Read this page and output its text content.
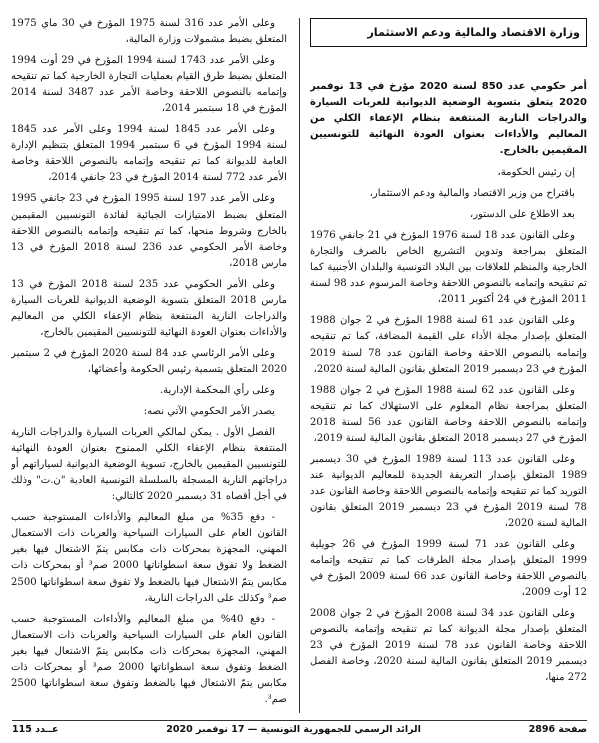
وزارة الاقتصاد والمالية ودعم الاستثمار

أمر حكومي عدد 850 لسنة 2020 مؤرخ في 13 نوفمبر 2020 يتعلق بتسوية الوضعية الديوانية للعربات السيارة والدراجات النارية المنتفعة بنظام الإعفاء الكلي من المعاليم والأداءات بعنوان العودة النهائية للتونسيين المقيمين بالخارج.

إن رئيس الحكومة،

باقتراح من وزير الاقتصاد والمالية ودعم الاستثمار،

بعد الاطلاع على الدستور،

وعلى القانون عدد 18 لسنة 1976 المؤرخ في 21 جانفي 1976 المتعلق بمراجعة وتدوين التشريع الخاص بالصرف والتجارة الخارجية والمنظم للعلاقات بين البلاد التونسية والبلدان الأجنبية كما تم تنقيحه وإتمامه بالنصوص اللاحقة وخاصة المرسوم عدد 98 لسنة 2011 المؤرخ في 24 أكتوبر 2011،

وعلى القانون عدد 61 لسنة 1988 المؤرخ في 2 جوان 1988 المتعلق بإصدار مجلة الأداء على القيمة المضافة، كما تم تنقيحه وإتمامه بالنصوص اللاحقة وخاصة القانون عدد 78 لسنة 2019 المؤرخ في 23 ديسمبر 2019 المتعلق بقانون المالية لسنة 2020،

وعلى القانون عدد 62 لسنة 1988 المؤرخ في 2 جوان 1988 المتعلق بمراجعة نظام المعلوم على الاستهلاك كما تم تنقيحه وإتمامه بالنصوص اللاحقة وخاصة القانون عدد 56 لسنة 2018 المؤرخ في 27 ديسمبر 2018 المتعلق بقانون المالية لسنة 2019،

وعلى القانون عدد 113 لسنة 1989 المؤرخ في 30 ديسمبر 1989 المتعلق بإصدار التعريفة الجديدة للمعاليم الديوانية عند التوريد كما تم تنقيحه وإتمامه بالنصوص اللاحقة وخاصة القانون عدد 78 لسنة 2019 المؤرخ في 23 ديسمبر 2019 المتعلق بقانون المالية لسنة 2020،

وعلى القانون عدد 71 لسنة 1999 المؤرخ في 26 جويلية 1999 المتعلق بإصدار مجلة الطرقات كما تم تنقيحه وإتمامه بالنصوص اللاحقة وخاصة القانون عدد 66 لسنة 2009 المؤرخ في 12 أوت 2009،

وعلى القانون عدد 34 لسنة 2008 المؤرخ في 2 جوان 2008 المتعلق بإصدار مجلة الديوانة كما تم تنقيحه وإتمامه بالنصوص اللاحقة وخاصة القانون عدد 78 لسنة 2019 المؤرخ في 23 ديسمبر 2019 المتعلق بقانون المالية لسنة 2020، وخاصة الفصل 272 منها،

وعلى الأمر عدد 316 لسنة 1975 المؤرخ في 30 ماي 1975 المتعلق بضبط مشمولات وزارة المالية،

وعلى الأمر عدد 1743 لسنة 1994 المؤرخ في 29 أوت 1994 المتعلق بضبط طرق القيام بعمليات التجارة الخارجية كما تم تنقيحه وإتمامه بالنصوص اللاحقة وخاصة الأمر عدد 3487 لسنة 2014 المؤرخ في 18 سبتمبر 2014،

وعلى الأمر عدد 1845 لسنة 1994 وعلى الأمر عدد 1845 لسنة 1994 المؤرخ في 6 سبتمبر 1994 المتعلق بتنظيم الإدارة العامة للديوانة كما تم تنقيحه وإتمامه بالنصوص اللاحقة وخاصة الأمر عدد 772 لسنة 2014 المؤرخ في 23 جانفي 2014،

وعلى الأمر عدد 197 لسنة 1995 المؤرخ في 23 جانفي 1995 المتعلق بضبط الامتيازات الجبائية لفائدة التونسيين المقيمين بالخارج وشروط منحها، كما تم تنقيحه وإتمامه بالنصوص اللاحقة وخاصة الأمر الحكومي عدد 236 لسنة 2018 المؤرخ في 13 مارس 2018،

وعلى الأمر الحكومي عدد 235 لسنة 2018 المؤرخ في 13 مارس 2018 المتعلق بتسوية الوضعية الديوانية للعربات السيارة والدراجات النارية المنتفعة بنظام الإعفاء الكلي من المعاليم والأداءات بعنوان العودة النهائية للتونسيين المقيمين بالخارج،

وعلى الأمر الرئاسي عدد 84 لسنة 2020 المؤرخ في 2 سبتمبر 2020 المتعلق بتسمية رئيس الحكومة وأعضائها،

وعلى رأي المحكمة الإدارية.

يصدر الأمر الحكومي الآتي نصه:

الفصل الأول . يمكن لمالكي العربات السيارة والدراجات النارية المنتفعة بنظام الإعفاء الكلي الممنوح بعنوان العودة النهائية للتونسيين المقيمين بالخارج، تسوية الوضعية الديوانية لسياراتهم أو دراجاتهم النارية المسجلة بالسلسلة التونسية العادية "ن.ت" وذلك في أجل أقصاه 31 ديسمبر 2020 كالتالي:

- دفع 35% من مبلغ المعاليم والأداءات المستوجبة حسب القانون العام على السيارات السياحية والعربات ذات الاستعمال المهني، المجهزة بمحركات ذات مكابس يتمّ الاشتعال فيها بغير الضغط ولا تفوق سعة اسطواناتها 2000 صم³ أو بمحركات ذات مكابس يتمّ الاشتعال فيها بالضغط ولا تفوق سعة اسطواناتها 2500 صم³ وكذلك على الدراجات النارية،

- دفع 40% من مبلغ المعاليم والأداءات المستوجبة حسب القانون العام على السيارات السياحية والعربات ذات الاستعمال المهني، المجهزة بمحركات ذات مكابس يتمّ الاشتعال فيها بغير الضغط وتفوق سعة اسطواناتها 2000 صم³ أو بمحركات ذات مكابس يتمّ الاشتعال فيها بالضغط وتفوق سعة اسطواناتها 2500 صم³.

صفحة 2896
الرائد الرسمي للجمهورية التونسية — 17 نوفمبر 2020
عــدد 115
